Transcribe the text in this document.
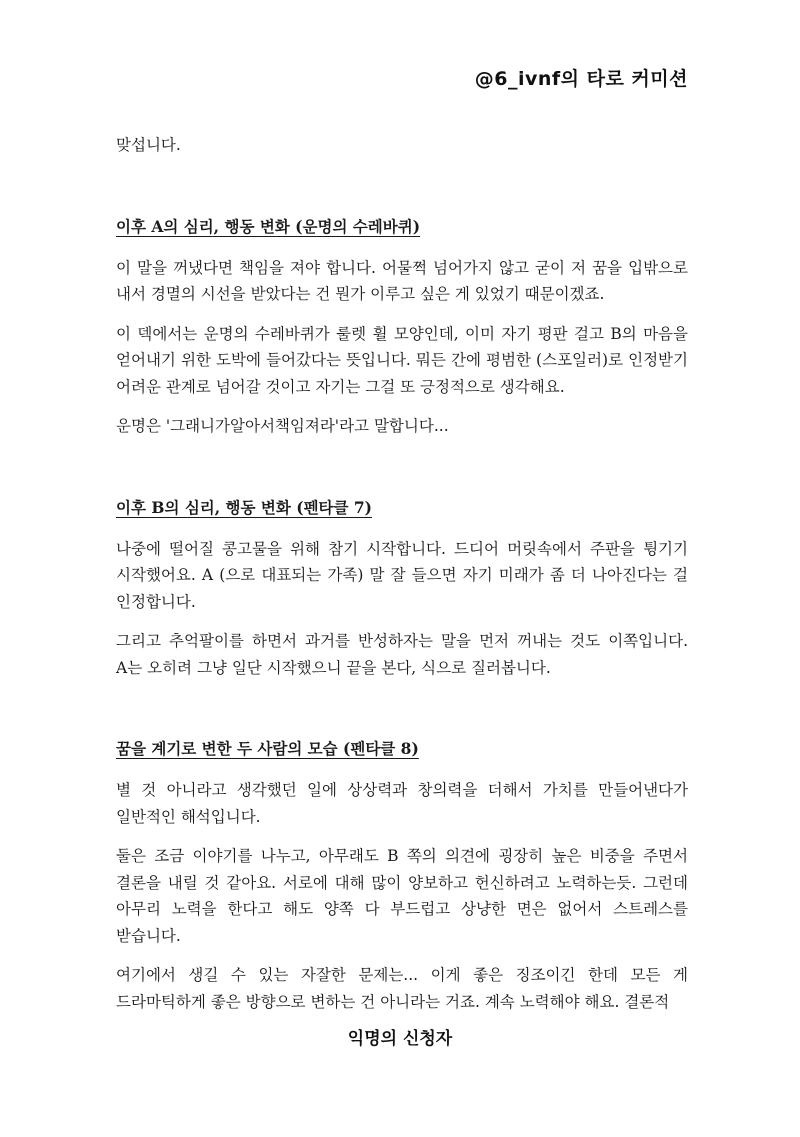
@6_ivnf의 타로 커미션

맞섭니다.

이후 A의 심리, 행동 변화 (운명의 수레바퀴)

이 말을 꺼냈다면 책임을 져야 합니다. 어물쩍 넘어가지 않고 굳이 저 꿈을 입밖으로 내서 경멸의 시선을 받았다는 건 뭔가 이루고 싶은 게 있었기 때문이겠죠.

이 덱에서는 운명의 수레바퀴가 룰렛 휠 모양인데, 이미 자기 평판 걸고 B의 마음을 얻어내기 위한 도박에 들어갔다는 뜻입니다. 뭐든 간에 평범한 (스포일러)로 인정받기 어려운 관계로 넘어갈 것이고 자기는 그걸 또 긍정적으로 생각해요.

운명은 '그래니가알아서책임져라'라고 말합니다...

이후 B의 심리, 행동 변화 (펜타클 7)

나중에 떨어질 콩고물을 위해 참기 시작합니다. 드디어 머릿속에서 주판을 튕기기 시작했어요. A (으로 대표되는 가족) 말 잘 들으면 자기 미래가 좀 더 나아진다는 걸 인정합니다.

그리고 추억팔이를 하면서 과거를 반성하자는 말을 먼저 꺼내는 것도 이쪽입니다. A는 오히려 그냥 일단 시작했으니 끝을 본다, 식으로 질러봅니다.

꿈을 계기로 변한 두 사람의 모습 (펜타클 8)

별 것 아니라고 생각했던 일에 상상력과 창의력을 더해서 가치를 만들어낸다가 일반적인 해석입니다.

둘은 조금 이야기를 나누고, 아무래도 B 쪽의 의견에 굉장히 높은 비중을 주면서 결론을 내릴 것 같아요. 서로에 대해 많이 양보하고 헌신하려고 노력하는듯. 그런데 아무리 노력을 한다고 해도 양쪽 다 부드럽고 상냥한 면은 없어서 스트레스를 받습니다.

여기에서 생길 수 있는 자잘한 문제는... 이게 좋은 징조이긴 한데 모든 게 드라마틱하게 좋은 방향으로 변하는 건 아니라는 거죠. 계속 노력해야 해요. 결론적

익명의 신청자
